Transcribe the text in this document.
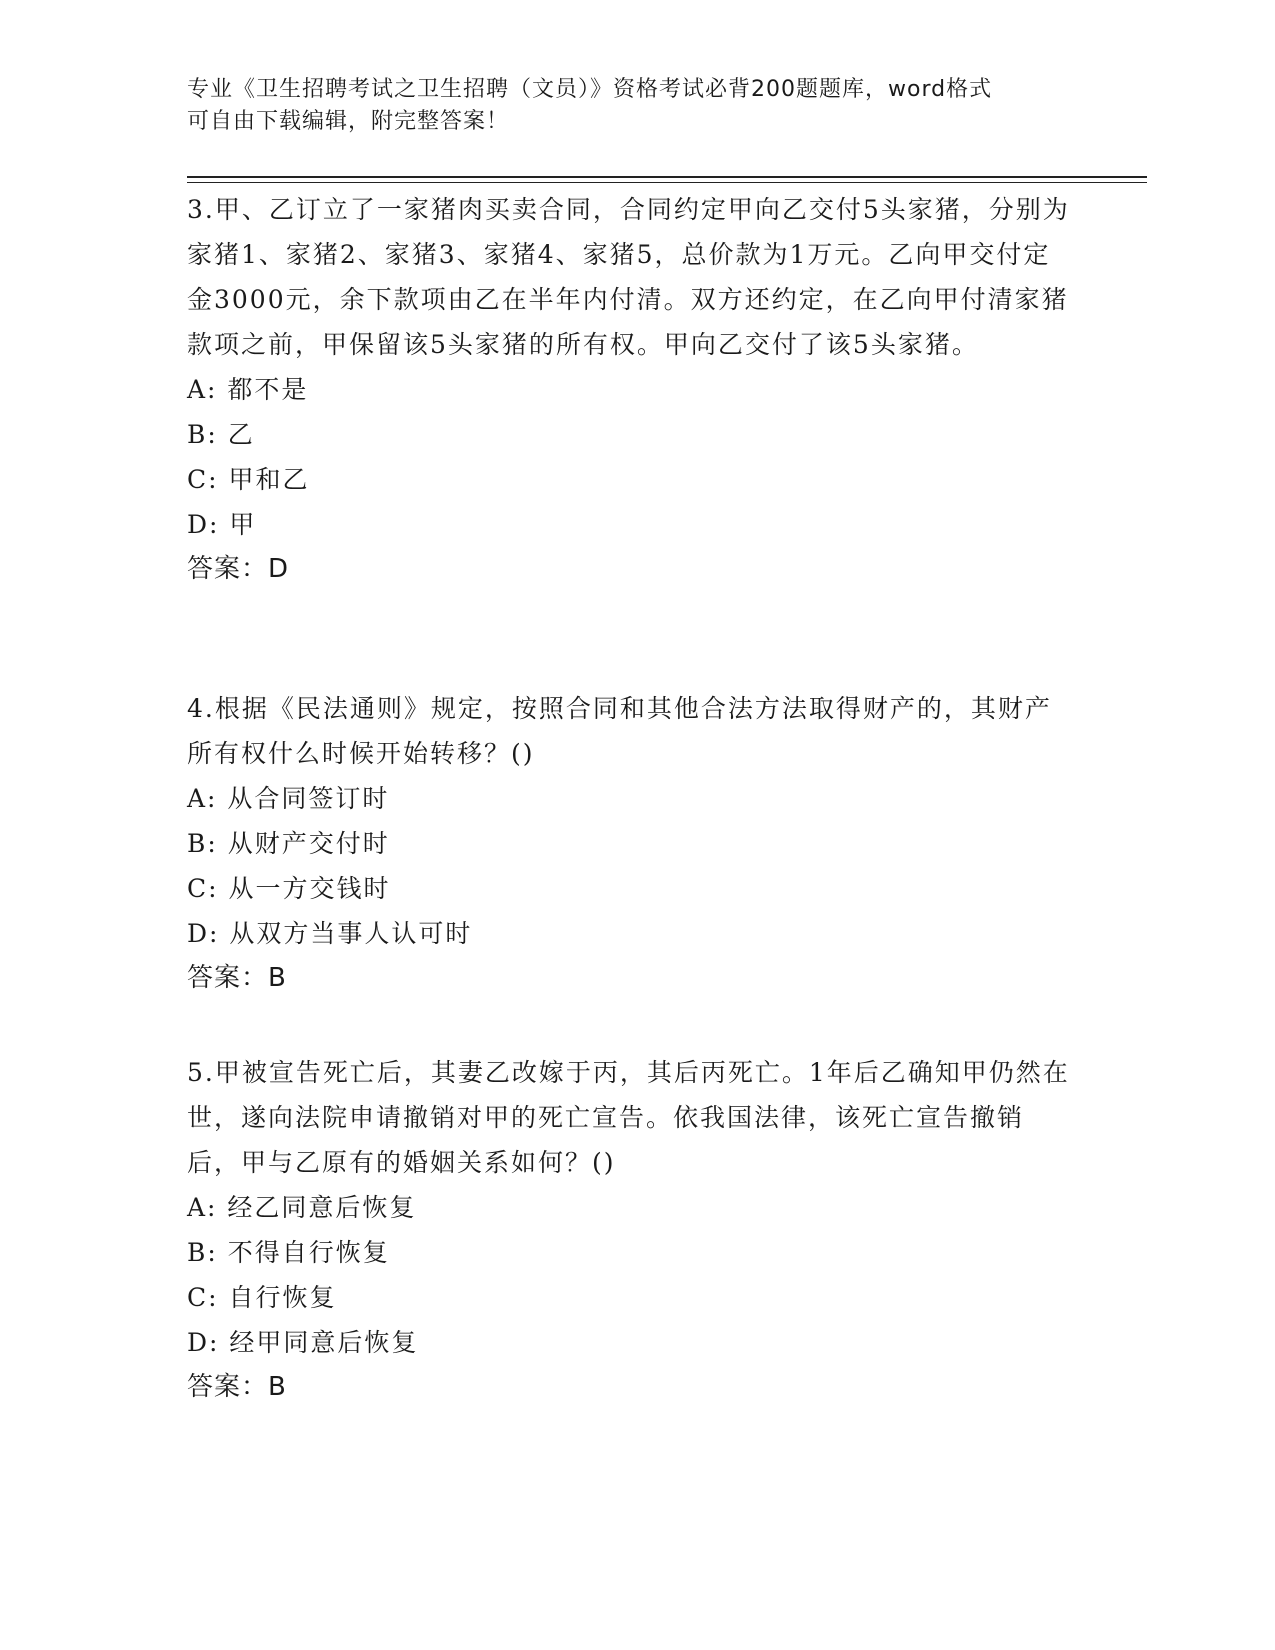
专业《卫生招聘考试之卫生招聘（文员）》资格考试必背200题题库，word格式
可自由下载编辑，附完整答案！

3.甲、乙订立了一家猪肉买卖合同，合同约定甲向乙交付5头家猪，分别为家猪1、家猪2、家猪3、家猪4、家猪5，总价款为1万元。乙向甲交付定金3000元，余下款项由乙在半年内付清。双方还约定，在乙向甲付清家猪款项之前，甲保留该5头家猪的所有权。甲向乙交付了该5头家猪。

A: 都不是

B: 乙

C: 甲和乙

D: 甲

答案：D

4.根据《民法通则》规定，按照合同和其他合法方法取得财产的，其财产所有权什么时候开始转移？()

A: 从合同签订时

B: 从财产交付时

C: 从一方交钱时

D: 从双方当事人认可时

答案：B

5.甲被宣告死亡后，其妻乙改嫁于丙，其后丙死亡。1年后乙确知甲仍然在世，遂向法院申请撤销对甲的死亡宣告。依我国法律，该死亡宣告撤销后，甲与乙原有的婚姻关系如何？()

A: 经乙同意后恢复

B: 不得自行恢复

C: 自行恢复

D: 经甲同意后恢复

答案：B
